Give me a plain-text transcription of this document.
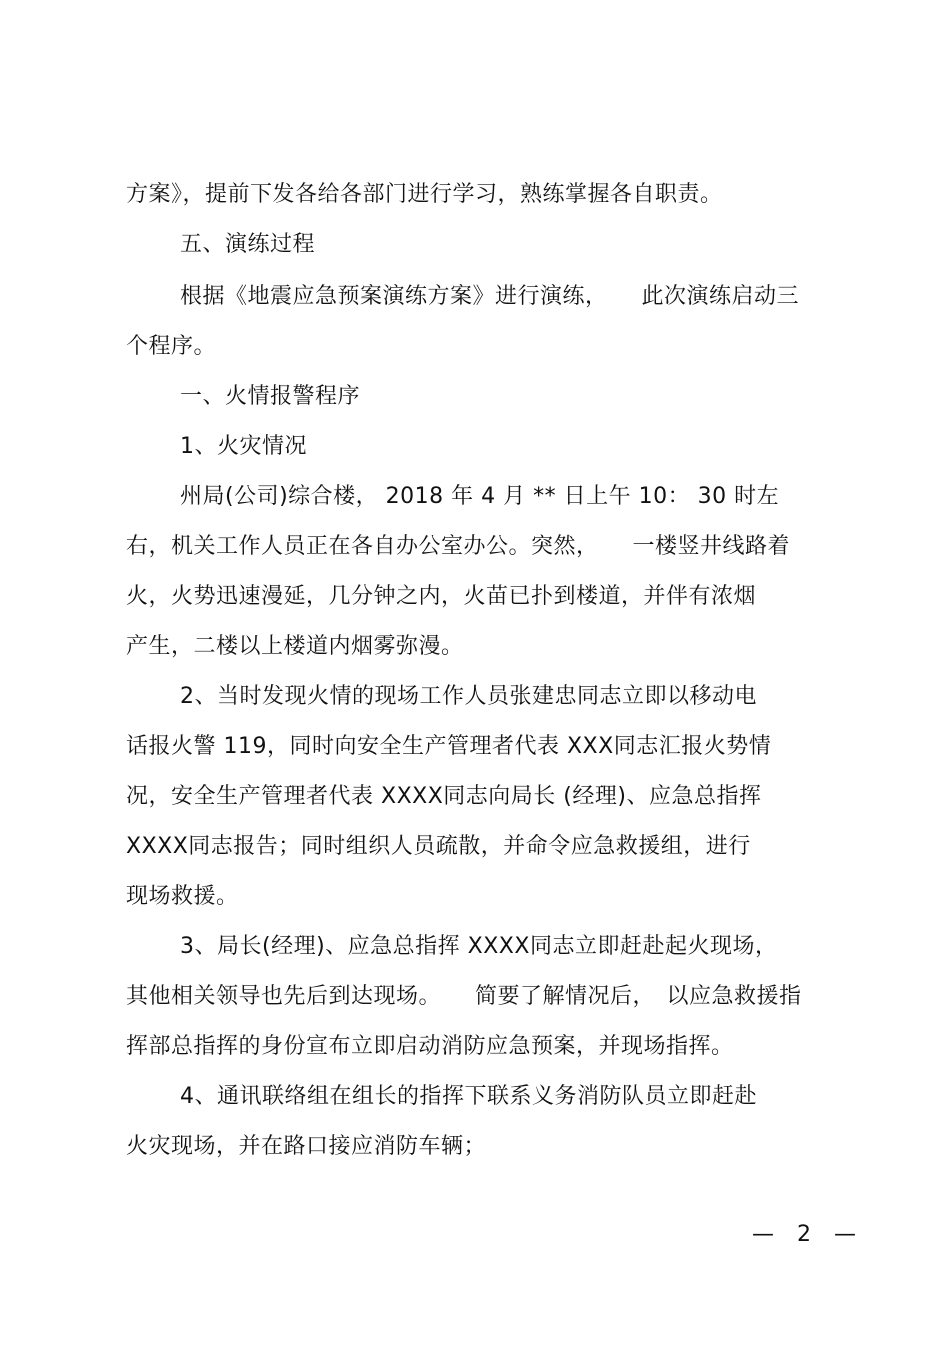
方案》，提前下发各给各部门进行学习，熟练掌握各自职责。
五、演练过程
根据《地震应急预案演练方案》进行演练，　　此次演练启动三
个程序。
一、火情报警程序
1、火灾情况
州局(公司)综合楼， 2018 年 4 月 ** 日上午 10： 30 时左
右，机关工作人员正在各自办公室办公。突然，　　一楼竖井线路着
火，火势迅速漫延，几分钟之内，火苗已扑到楼道，并伴有浓烟
产生，二楼以上楼道内烟雾弥漫。
2、当时发现火情的现场工作人员张建忠同志立即以移动电
话报火警 119，同时向安全生产管理者代表 XXX同志汇报火势情
况，安全生产管理者代表 XXXX同志向局长 (经理)、应急总指挥
XXXX同志报告；同时组织人员疏散，并命令应急救援组，进行
现场救援。
3、局长(经理)、应急总指挥 XXXX同志立即赶赴起火现场，
其他相关领导也先后到达现场。　　简要了解情况后，　以应急救援指
挥部总指挥的身份宣布立即启动消防应急预案，并现场指挥。
4、通讯联络组在组长的指挥下联系义务消防队员立即赶赴
火灾现场，并在路口接应消防车辆；
— 2 —
